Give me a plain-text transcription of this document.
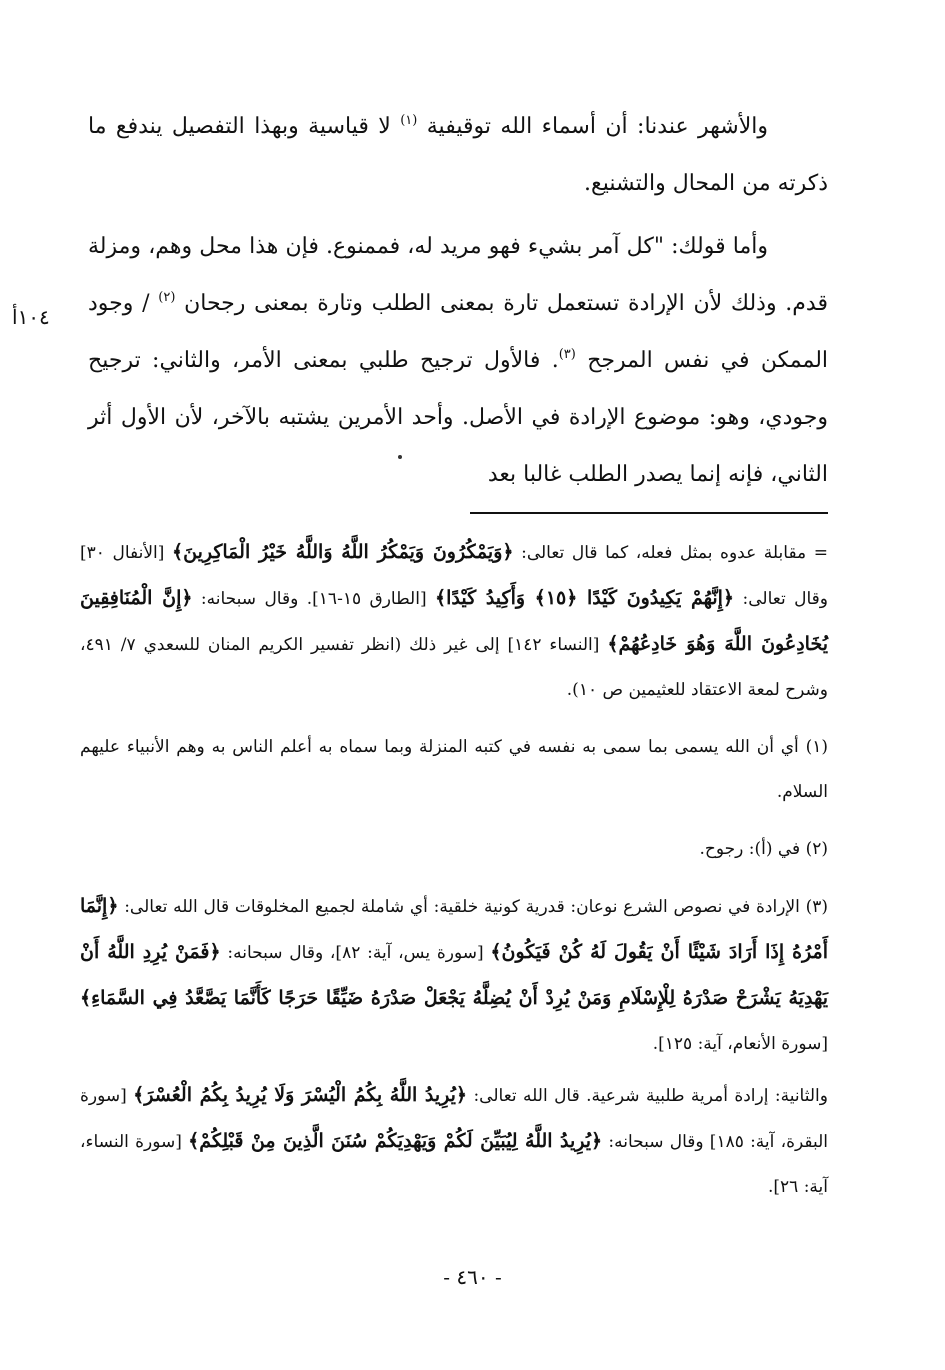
والأشهر عندنا: أن أسماء الله توقيفية $^{(١)}$ لا قياسية وبهذا التفصيل يندفع ما ذكرته من المحال والتشنيع.

وأما قولك: "كل آمر بشيء فهو مريد له، فممنوع. فإن هذا محل وهم، ومزلة قدم. وذلك لأن الإرادة تستعمل تارة بمعنى الطلب وتارة بمعنى رجحان $^{(٢)}$ / وجود الممكن في نفس المرجح $^{(٣)}$. فالأول ترجيح طلبي بمعنى الأمر، والثاني: ترجيح وجودي، وهو: موضوع الإرادة في الأصل. وأحد الأمرين يشتبه بالآخر، لأن الأول أثر الثاني، فإنه إنما يصدر الطلب غالبا بعد

١٠٤أ

= مقابلة عدوه بمثل فعله، كما قال تعالى: ﴿وَيَمْكُرُونَ وَيَمْكُرُ اللَّهُ وَاللَّهُ خَيْرُ الْمَاكِرِينَ﴾ [الأنفال ٣٠] وقال تعالى: ﴿إِنَّهُمْ يَكِيدُونَ كَيْدًا ﴿١٥﴾ وَأَكِيدُ كَيْدًا﴾ [الطارق ١٥-١٦]. وقال سبحانه: ﴿إِنَّ الْمُنَافِقِينَ يُخَادِعُونَ اللَّهَ وَهُوَ خَادِعُهُمْ﴾ [النساء ١٤٢] إلى غير ذلك (انظر تفسير الكريم المنان للسعدي ٧/ ٤٩١، وشرح لمعة الاعتقاد للعثيمين ص ١٠).

(١) أي أن الله يسمى بما سمى به نفسه في كتبه المنزلة وبما سماه به أعلم الناس به وهم الأنبياء عليهم السلام.

(٢) في (أ): رجوح.

(٣) الإرادة في نصوص الشرع نوعان: قدرية كونية خلقية: أي شاملة لجميع المخلوقات قال الله تعالى: ﴿إِنَّمَا أَمْرُهُ إِذَا أَرَادَ شَيْئًا أَنْ يَقُولَ لَهُ كُنْ فَيَكُونُ﴾ [سورة يس، آية: ٨٢]، وقال سبحانه: ﴿فَمَنْ يُرِدِ اللَّهُ أَنْ يَهْدِيَهُ يَشْرَحْ صَدْرَهُ لِلْإِسْلَامِ وَمَنْ يُرِدْ أَنْ يُضِلَّهُ يَجْعَلْ صَدْرَهُ ضَيِّقًا حَرَجًا كَأَنَّمَا يَصَّعَّدُ فِي السَّمَاءِ﴾ [سورة الأنعام، آية: ١٢٥].

والثانية: إرادة أمرية طلبية شرعية. قال الله تعالى: ﴿يُرِيدُ اللَّهُ بِكُمُ الْيُسْرَ وَلَا يُرِيدُ بِكُمُ الْعُسْرَ﴾ [سورة البقرة، آية: ١٨٥] وقال سبحانه: ﴿يُرِيدُ اللَّهُ لِيُبَيِّنَ لَكُمْ وَيَهْدِيَكُمْ سُنَنَ الَّذِينَ مِنْ قَبْلِكُمْ﴾ [سورة النساء، آية: ٢٦].

- ٤٦٠ -
